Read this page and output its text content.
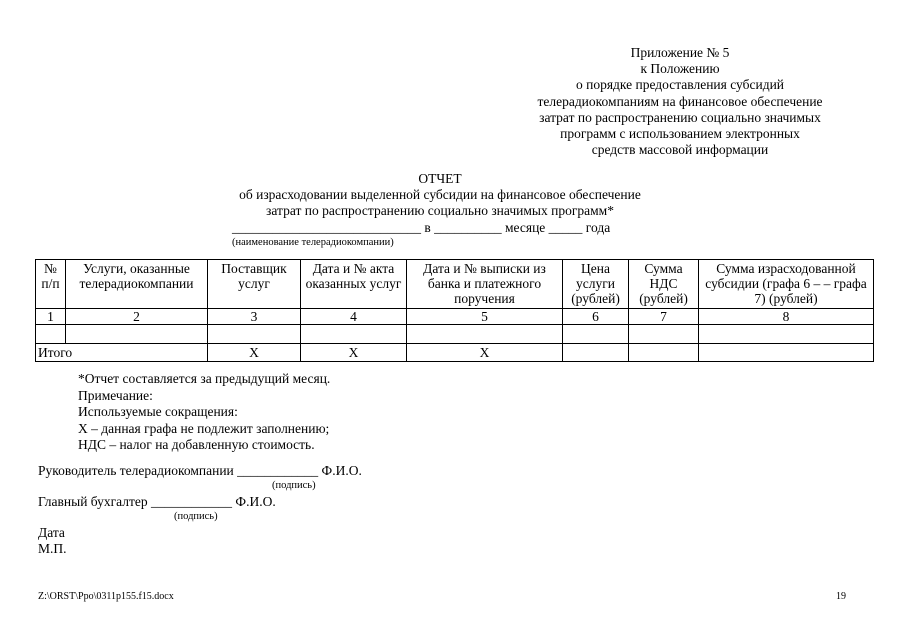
Приложение № 5
к Положению
о порядке предоставления субсидий
телерадиокомпаниям на финансовое обеспечение
затрат по распространению социально значимых
программ с использованием электронных
средств массовой информации
ОТЧЕТ
об израсходовании выделенной субсидии на финансовое обеспечение
затрат по распространению социально значимых программ*
____________________________ в __________ месяце _____ года
(наименование телерадиокомпании)
№ п/п	Услуги, оказанные телерадиокомпании	Поставщик услуг	Дата и № акта оказанных услуг	Дата и № выписки из банка и платежного поручения	Цена услуги (рублей)	Сумма НДС (рублей)	Сумма израсходованной субсидии (графа 6 – – графа 7) (рублей)
1	2	3	4	5	6	7	8

Итого		Х	Х	Х			
*Отчет составляется за предыдущий месяц.
Примечание:
Используемые сокращения:
Х – данная графа не подлежит заполнению;
НДС – налог на добавленную стоимость.
Руководитель телерадиокомпании ____________ Ф.И.О.
(подпись)
Главный бухгалтер ____________ Ф.И.О.
(подпись)
Дата
М.П.
Z:\ORST\Ppo\0311p155.f15.docx	19
